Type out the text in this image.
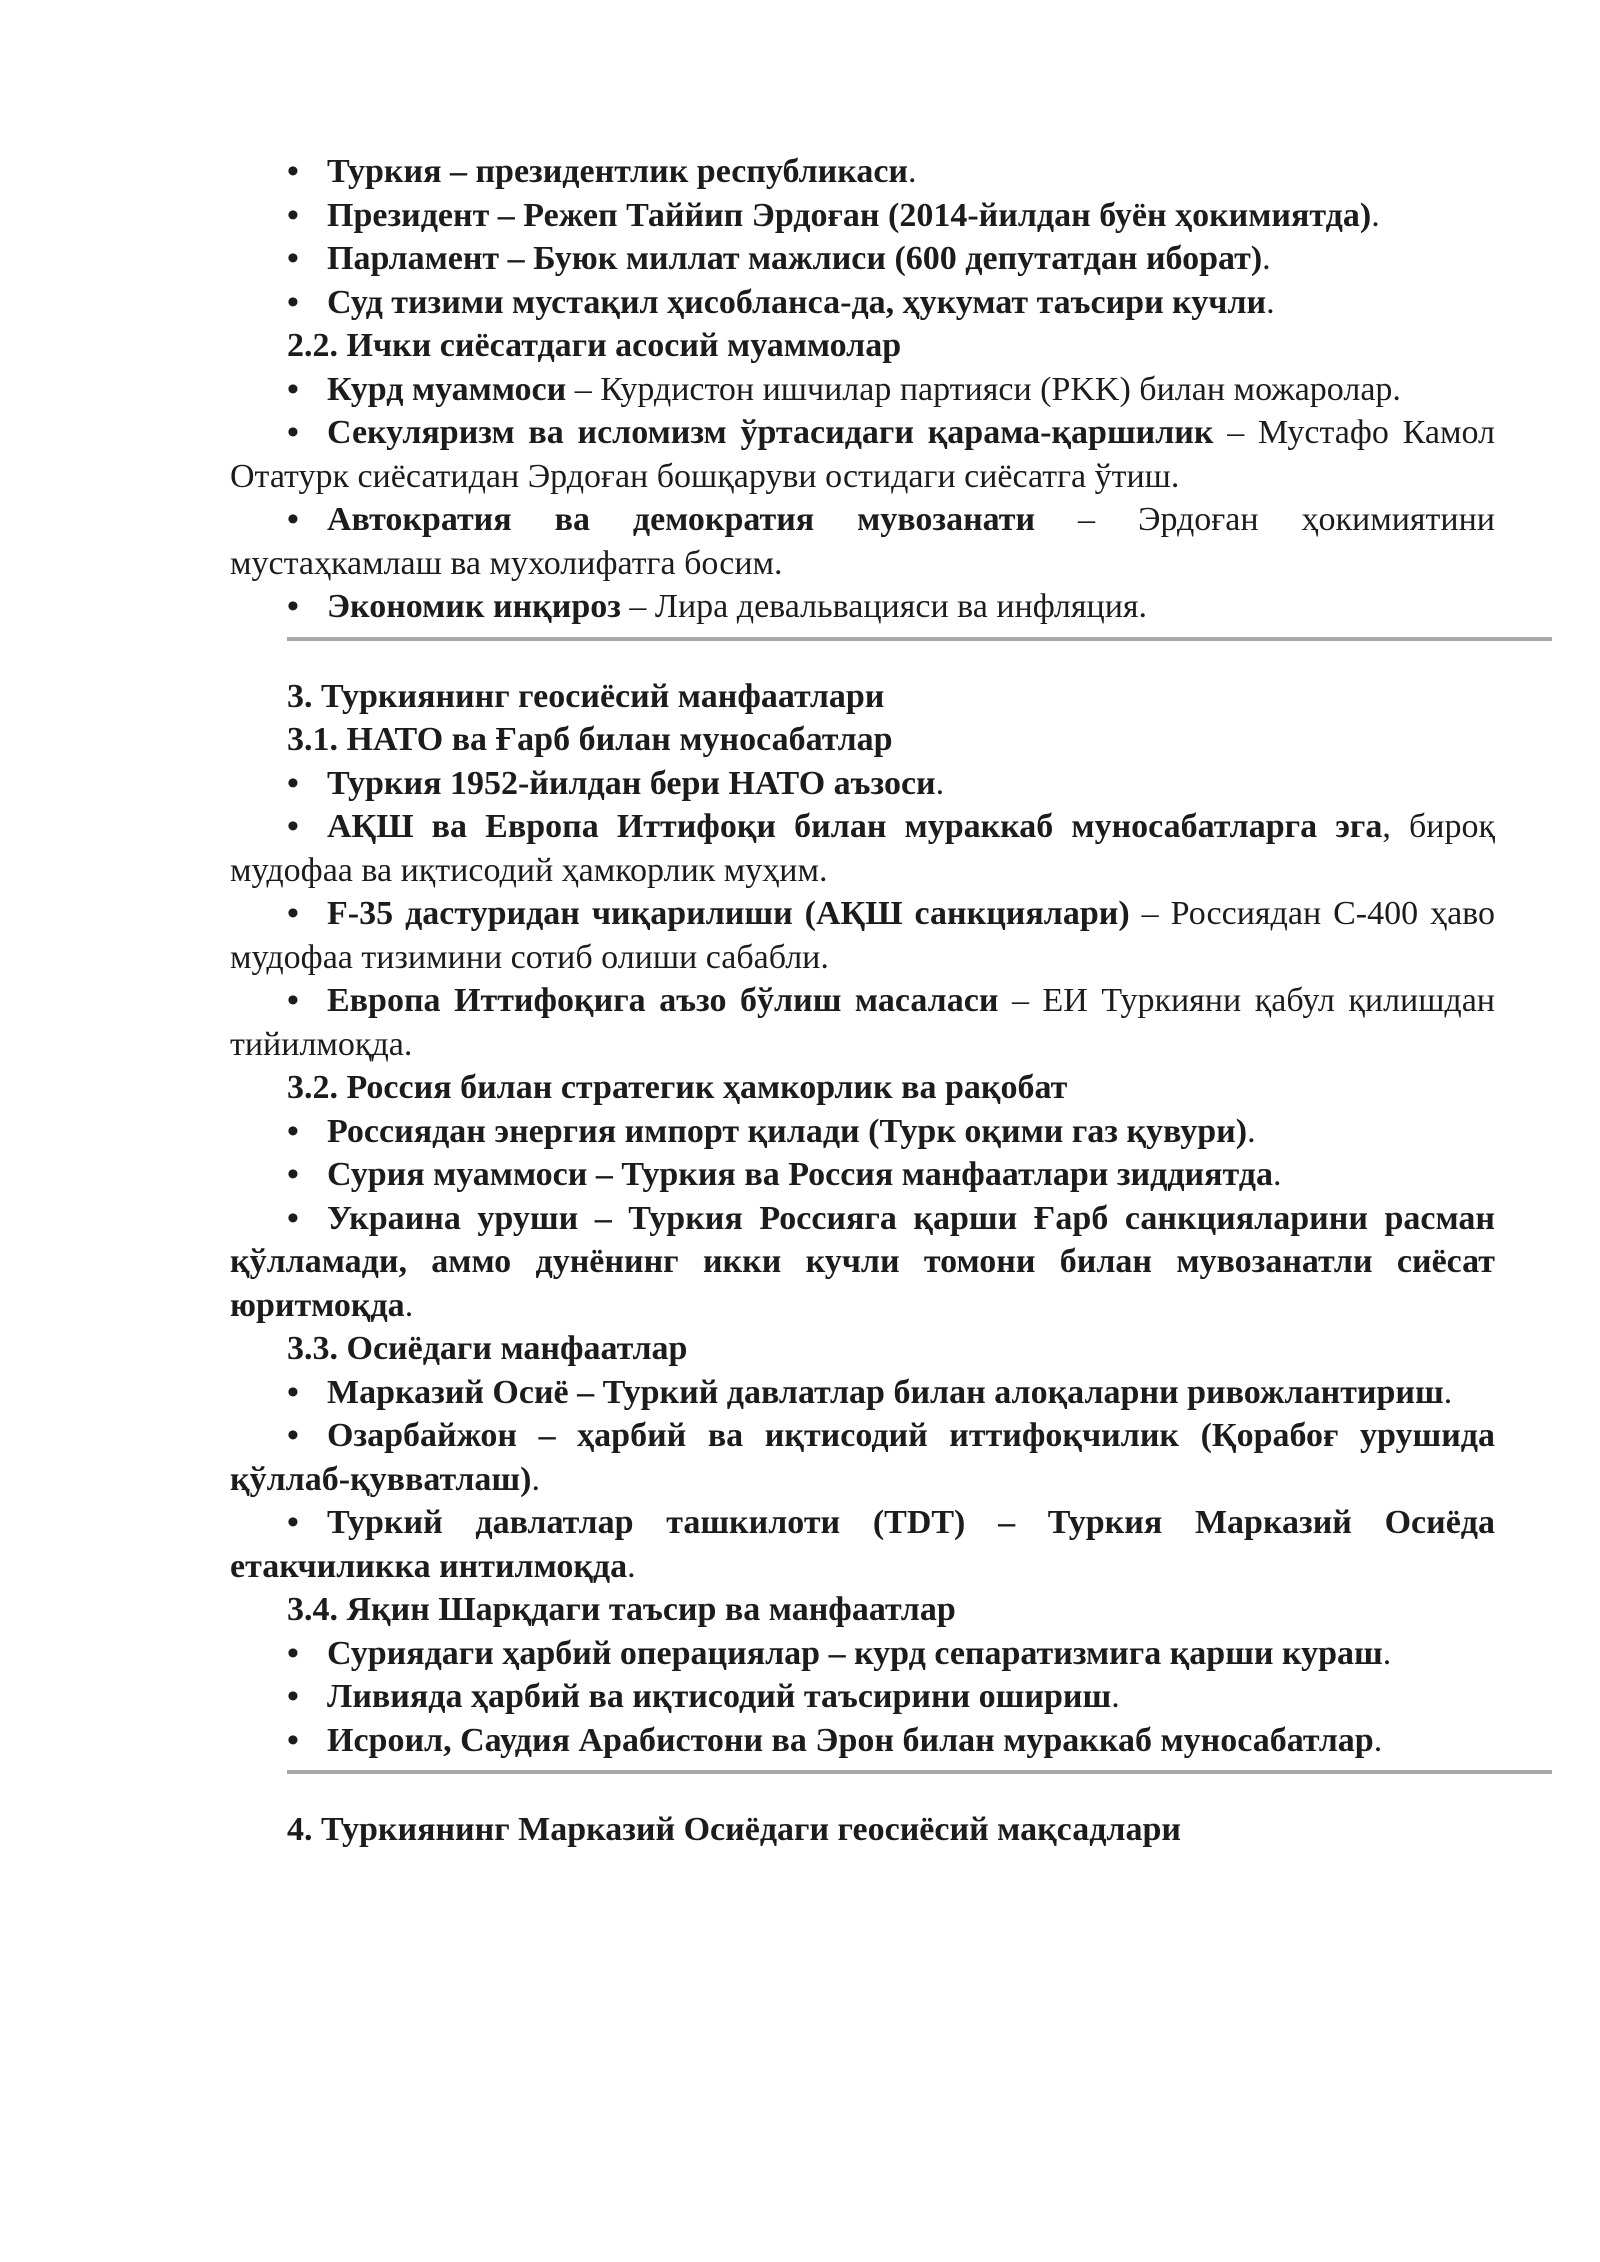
• Туркия – президентлик республикаси.

• Президент – Режеп Таййип Эрдоған (2014-йилдан буён ҳокимиятда).

• Парламент – Буюк миллат мажлиси (600 депутатдан иборат).

• Суд тизими мустақил ҳисобланса-да, ҳукумат таъсири кучли.

2.2. Ички сиёсатдаги асосий муаммолар

• Курд муаммоси – Курдистон ишчилар партияси (PKK) билан можаролар.

• Секуляризм ва исломизм ўртасидаги қарама-қаршилик – Мустафо Камол Отатурк сиёсатидан Эрдоған бошқаруви остидаги сиёсатга ўтиш.

• Автократия ва демократия мувозанати – Эрдоған ҳокимиятини мустаҳкамлаш ва мухолифатга босим.

• Экономик инқироз – Лира девальвацияси ва инфляция.

3. Туркиянинг геосиёсий манфаатлари

3.1. НАТО ва Ғарб билан муносабатлар

• Туркия 1952-йилдан бери НАТО аъзоси.

• АҚШ ва Европа Иттифоқи билан мураккаб муносабатларга эга, бироқ мудофаа ва иқтисодий ҳамкорлик муҳим.

• F-35 дастуридан чиқарилиши (АҚШ санкциялари) – Россиядан С-400 ҳаво мудофаа тизимини сотиб олиши сабабли.

• Европа Иттифоқига аъзо бўлиш масаласи – ЕИ Туркияни қабул қилишдан тийилмоқда.

3.2. Россия билан стратегик ҳамкорлик ва рақобат

• Россиядан энергия импорт қилади (Турк оқими газ қувури).

• Сурия муаммоси – Туркия ва Россия манфаатлари зиддиятда.

• Украина уруши – Туркия Россияга қарши Ғарб санкцияларини расман қўлламади, аммо дунёнинг икки кучли томони билан мувозанатли сиёсат юритмоқда.

3.3. Осиёдаги манфаатлар

• Марказий Осиё – Туркий давлатлар билан алоқаларни ривожлантириш.

• Озарбайжон – ҳарбий ва иқтисодий иттифоқчилик (Қорабоғ урушида қўллаб-қувватлаш).

• Туркий давлатлар ташкилоти (TDT) – Туркия Марказий Осиёда етакчиликка интилмоқда.

3.4. Яқин Шарқдаги таъсир ва манфаатлар

• Суриядаги ҳарбий операциялар – курд сепаратизмига қарши кураш.

• Ливияда ҳарбий ва иқтисодий таъсирини ошириш.

• Исроил, Саудия Арабистони ва Эрон билан мураккаб муносабатлар.

4. Туркиянинг Марказий Осиёдаги геосиёсий мақсадлари
